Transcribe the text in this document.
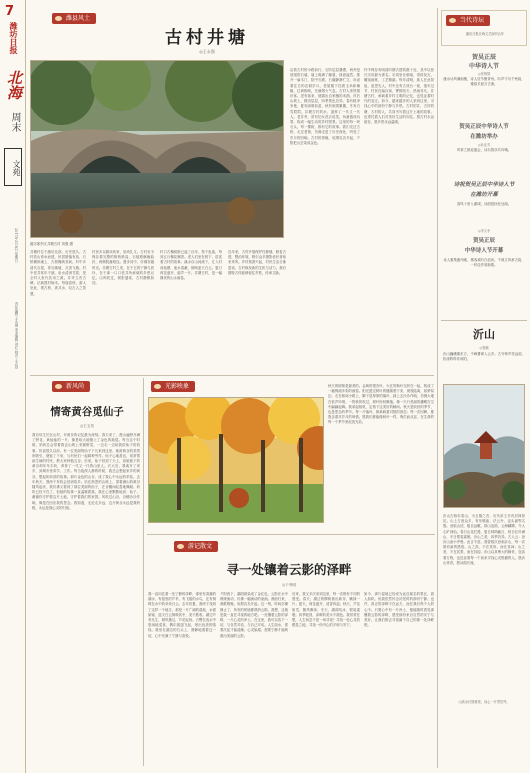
7
潍坊日报
北海
周末
文苑
2017年3月6日 星期日
责任编辑 王永刚 美术编辑 刘红 校对 王志远
潍县风土
古村井塘
◎王永强
潍坊寒亭区井塘古村 刘强 摄
井塘村位于潍坊北部，历史悠久。古村依山傍水而建，民居错落有致，石桥横卧溪上，古树掩映其间。村中多清代石屋，青石砌墙，瓦顶飞檐。村中老井常年不涸，泉水清冽甘甜，是全村人世代饮用之源。井旁立有古碑，记载建村始末。每逢春秋，游人至此，观古桥，汲井水，叹古人之智慧。
村民多以耕读传家，崇尚礼义。古村至今保存着完整的街巷格局，石板路蜿蜒曲折，两侧院落相连。漫步其中，仿佛穿越时光。井塘古村之美，在于它的宁静与质朴，在于那一口口老井所承载的乡愁记忆。山风吹过，树影婆娑，古村静默如初。
村口古槐树龄已逾三百年，枝干虬曲，每到五月槐花飘香。老人们坐在树下，讲述着古村的故事。溪水自山间流下，汇入村前池塘，池水清澈，倒映蓝天白云。夏日荷花盛开，蛙声一片。井塘古村，是一幅静美的山水画卷。
近年来，古村开展保护性修缮，修复古建，整治环境，吸引众多摄影爱好者前来采风。乡村旅游兴起，村民生活日渐富裕，古村焕发新的生机与活力。我们期待古村能够留住乡愁，传承文脉。
沿着古村的小路前行，石阶层层叠叠，两旁是低矮的石墙。墙上爬满了藤蔓，绿意盎然。推开一扇木门，院中石磨、石碾静静伫立，诉说着往日的农耕岁月。老屋檐下挂着玉米和辣椒，红黄相映，充满烟火气息。古村人家热情好客，见有客来，便端出自家酿的米酒。村后山坡上，梯田层层，四季景色各异。春有桃李争艳，夏有绿荫如盖，秋有硕果累累，冬有白雪皑皑。井塘古村的水，滋养了一代又一代人。老井旁，常有妇女洗衣说笑，孩童嬉戏玩耍，构成一幅生动的乡村图景。这里的每一块石头，每一棵树，都有它的故事。我们走过古桥，走过老街，仿佛走进了历史深处，听见了岁月的回响。古村的傍晚，炊烟袅袅升起，夕阳把山峦染成金色。
村中保存有明清时期古建筑数十处，其中以张氏宗祠最为著名。宗祠坐北朝南，青砖灰瓦，雕梁画栋，工艺精湛。每年清明，族人在此祭祖，追思先人。村中还有古戏台一座，逢年过节，村民自编自演，锣鼓喧天，热闹非凡。井塘古村，承载着乡村文明的记忆，也见证着时代的变迁。如今，越来越多的人来到这里，寻找心中的那份宁静与乡愁。古村的井，古村的塘，古村的人，共同书写着这片土地的故事，也寄托着人们对美好生活的向往。愿古村永远留存，愿乡愁永远温暖。
新风尚
情寄黄谷觅仙子
◎王玉英
我自幼生长在山村，对黄谷的记忆最为深刻。春天来了，漫山遍野开满了野花，黄灿灿的一片，像是给大地铺上了金色的地毯。每当这个时候，奶奶总会带着我去山坡上采摘野菜，一边走一边给我讲仙子的故事。传说很久以前，有一位美丽的仙子下凡来到这里，她被黄谷的美景所吸引，便留了下来，与村民们一起耕种劳作。仙子心地善良，常常帮助生病的村民，教大家种植五谷。后来，仙子回到了天上，但她留下的黄谷却年年丰收，养育了一代又一代的山里人。长大后，我离开了家乡，到城市里求学、工作。每当夜深人静的时候，我总会想起家乡的黄谷，想起奶奶讲的故事。那片金色的山谷，成了我心中永远的牵挂。去年秋天，我终于有机会回到故乡。站在熟悉的山坡上，望着满山的黄谷随风起伏，我仿佛又看到了那位美丽的仙子，在谷穗间轻盈地舞蹈。奶奶已经不在了，但她的故事一直温暖着我。我在心里默默地说：仙子，谢谢你守护着这片土地，守护着我们的家园。风吹过山谷，谷穗沙沙作响，像是在回应我的思念。我知道，无论走多远，这片黄谷永远是我的根，永远是我心灵的归宿。
光影映象	秋天的树林是最美的。金黄的银杏叶、火红的枫叶交织在一起，构成了一幅绚丽多彩的画卷。阳光透过树叶的缝隙洒下来，斑驳陆离，如梦似幻。走在林间小路上，脚下是厚厚的落叶，踩上去沙沙作响，仿佛大地在低声吟唱。一阵秋风吹过，树叶纷纷飘落，像一只只美丽的蝴蝶在空中翩翩起舞。我拿起相机，定格下这美好的瞬间。秋天是收获的季节，也是思念的季节。每一片落叶，都承载着对根的眷恋；每一次回眸，都饱含着对岁月的珍惜。愿我们都能像秋叶一样，绚烂而从容，在生命的每一个季节里绽放光彩。
游记散文
寻一处镶着云影的泽畔
◎于秀明
我一直向往着一处宁静的泽畔，那里有清澈的湖水，有摇曳的芦苇，有飞翔的水鸟，还有倒映在水中的朵朵白云。去年初夏，我终于找到了这样一个地方。那是一片广阔的湿地，水面如镜，蓝天白云倒映其中，美不胜收。湖边芦苇丛生，微风拂过，芦花轻扬。白鹭在浅水中悠闲地觅食，偶尔振翅飞起，划出优美的弧线。我坐在湖边的石头上，静静地看着这一切，心中充满了宁静与喜悦。
夕阳西下，湖面被染成了金红色，云影在水中缓缓流动，仿佛一幅流动的油画。渔船归来，渔歌唱晚，炊烟袅袅升起。这一刻，时间仿佛静止了，所有的烦恼都烟消云散。我想，这就是我一直在寻找的地方吧。一处镶着云影的泽畔，一片心灵的净土。在这里，我可以放下一切，与自然对话，与自己对话。人生如水，需要沉淀才能清澈；心灵如湖，需要宁静才能映照出美丽的云影。
后来，我又多次来到这里，每一次都有不同的感受。春天，湖边的柳树抽出新芽，嫩绿一片；夏天，荷花盛开，清香四溢；秋天，芦花如雪，随风飘荡；冬天，湖面结冰，银装素裹。四季轮回，泽畔的美永不褪色。我常常在想，人生何尝不是一场寻找？寻找一处心灵的栖息之地，寻找一份内心的平和与安宁。
如今，那片湿地已经成为远近闻名的景区，游人如织。但我依然怀念初见时的那份宁静。也许，真正的泽畔不在远方，而在我们每个人的心中。只要心中有一片净土，便能随时看见那镶着云影的泽畔，感受那份来自自然的安宁与美好。让我们都去寻找属于自己的那一处泽畔吧。
当代诗坛
潍坊日报北海文艺副刊合作
贺吴正辰
中华诗人节
◎张锡德
潍水诗风满画楼，诗人佳节聚青州。吟声不尽千秋韵，雅韵长留万古流。
贺吴正辰中华诗人节
在潍坊举办
◎孙亚芳
风筝之都迎盛会，诗坛群彦共吟哦。
诗祝贺吴正辰中华诗人节
在潍坊开幕
春风十里入潍城，诗韵悠扬处处闻。
◎李文孝
贺吴正辰
中华诗人节开幕
诗人雅集潍州地，墨客欢吟白浪河。千载文风承古韵，一时佳作颂新歌。
沂山
◎鲁鹏
沂山巍峨镇东方，千峰叠翠入云乡。古寺钟声传远韵，松涛阵阵伴斜阳。
沂山古称东泰山，为五镇之首，历代帝王多有封禅祭祀。山上古迹众多，有东镇庙、法云寺、歪头崮等名胜。登临山顶，极目远眺，群山连绵，云海翻腾，令人心旷神怡。春日山花烂漫，夏日林荫蔽日，秋日红叶满山，冬日银装素裹。沂山之美，四季各异。古人云：登沂山而小齐鲁。此言不虚。我曾数次登临沂山，每一次都有新的感悟。山之高，不在其形，而在其神；山之美，不在其景，而在其韵。沂山以其博大的胸怀，包容着万物，也包容着每一个前来寻找心灵慰藉的人。愿沂山常青，愿诗韵长流。
山高水长情意浓，诗心一片寄苍穹。
